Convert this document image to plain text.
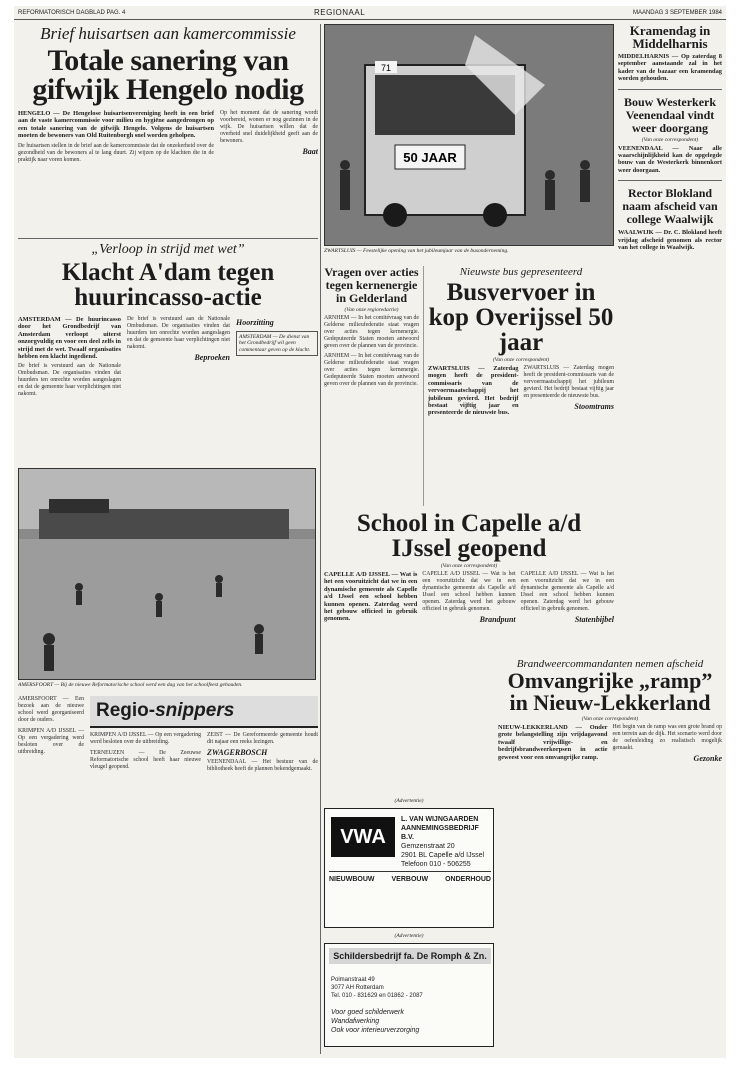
REFORMATORISCH DAGBLAD PAG. 4	REGIONAAL	MAANDAG 3 SEPTEMBER 1984
Brief huisartsen aan kamercommissie
Totale sanering van gifwijk Hengelo nodig
HENGELO — De Hengelose huisartsenvereniging heeft in een brief aan de vaste kamercommissie voor milieu en hygiëne aangedrongen op een totale sanering van de gifwijk Hengelo. Volgens de huisartsen moeten de bewoners van Old Ruitenborgh snel worden geholpen.
De huisartsen stellen in de brief aan de kamercommissie dat de onzekerheid over de gezondheid van de bewoners al te lang duurt. Zij wijzen op de klachten die in de praktijk naar voren komen.
Op het moment dat de sanering wordt voorbereid, wonen er nog gezinnen in de wijk. De huisartsen willen dat de overheid snel duidelijkheid geeft aan de bewoners.
Baat
„Verloop in strijd met wet”
Klacht A'dam tegen huurincasso-actie
AMSTERDAM — De huurincasso door het Grondbedrijf van Amsterdam verloopt uiterst onzorgvuldig en voor een deel zelfs in strijd met de wet. Twaalf organisaties hebben een klacht ingediend.
De brief is verstuurd aan de Nationale Ombudsman. De organisaties vinden dat huurders ten onrechte worden aangeslagen en dat de gemeente haar verplichtingen niet nakomt.
De brief is verstuurd aan de Nationale Ombudsman. De organisaties vinden dat huurders ten onrechte worden aangeslagen en dat de gemeente haar verplichtingen niet nakomt.
Beproeken
Hoorzitting
AMSTERDAM — De dienst van het Grondbedrijf wil geen commentaar geven op de klacht.
AMERSFOORT — Bij de nieuwe Reformatorische school werd een dag van het schoolfeest gehouden.
AMERSFOORT — Een bezoek aan de nieuwe school werd georganiseerd door de ouders.
KRIMPEN A/D IJSSEL — Op een vergadering werd besloten over de uitbreiding.
Regio-snippers
KRIMPEN A/D IJSSEL — Op een vergadering werd besloten over de uitbreiding.
TERNEUZEN — De Zeeuwse Reformatorische school heeft haar nieuwe vleugel geopend.
ZEIST — De Gereformeerde gemeente houdt dit najaar een reeks lezingen.
ZWAGERBOSCH
VEENENDAAL — Het bestuur van de bibliotheek heeft de plannen bekendgemaakt.
50 JAAR
71
ZWARTSLUIS — Feestelijke opening van het jubileumjaar van de busonderneming.
Vragen over acties tegen kernenergie in Gelderland
(Van onze regioredactie)
ARNHEM — In het comitévraag van de Gelderse milieufederatie staat vragen over acties tegen kernenergie. Gedeputeerde Staten moeten antwoord geven over de plannen van de provincie.
ARNHEM — In het comitévraag van de Gelderse milieufederatie staat vragen over acties tegen kernenergie. Gedeputeerde Staten moeten antwoord geven over de plannen van de provincie.
Nieuwste bus gepresenteerd
Busvervoer in kop Overijssel 50 jaar
(Van onze correspondent)
ZWARTSLUIS — Zaterdag mogen heeft de president-commissaris van de vervoermaatschappij het jubileum gevierd. Het bedrijf bestaat vijftig jaar en presenteerde de nieuwste bus.
ZWARTSLUIS — Zaterdag mogen heeft de president-commissaris van de vervoermaatschappij het jubileum gevierd. Het bedrijf bestaat vijftig jaar en presenteerde de nieuwste bus.
Stoomtrams
School in Capelle a/d IJssel geopend
(Van onze correspondent)
CAPELLE A/D IJSSEL — Wat is het een vooruitzicht dat we in een dynamische gemeente als Capelle a/d IJssel een school hebben kunnen openen. Zaterdag werd het gebouw officieel in gebruik genomen.
CAPELLE A/D IJSSEL — Wat is het een vooruitzicht dat we in een dynamische gemeente als Capelle a/d IJssel een school hebben kunnen openen. Zaterdag werd het gebouw officieel in gebruik genomen.
Brandpunt
CAPELLE A/D IJSSEL — Wat is het een vooruitzicht dat we in een dynamische gemeente als Capelle a/d IJssel een school hebben kunnen openen. Zaterdag werd het gebouw officieel in gebruik genomen.
Statenbijbel
Kramendag in Middelharnis
MIDDELHARNIS — Op zaterdag 8 september aanstaande zal in het kader van de bazaar een kramendag worden gehouden.
Bouw Westerkerk Veenendaal vindt weer doorgang
(Van onze correspondent)
VEENENDAAL — Naar alle waarschijnlijkheid kan de opgelegde bouw van de Westerkerk binnenkort weer doorgaan.
Rector Blokland naam afscheid van college Waalwijk
WAALWIJK — Dr. C. Blokland heeft vrijdag afscheid genomen als rector van het college in Waalwijk.
Brandweercommandanten nemen afscheid
Omvangrijke „ramp” in Nieuw-Lekkerland
(Van onze correspondent)
NIEUW-LEKKERLAND — Onder grote belangstelling zijn vrijdagavond twaalf vrijwillige- en bedrijfsbrandweerkorpsen in actie geweest voor een omvangrijke ramp.
Het begin van de ramp was een grote brand op een terrein aan de dijk. Het scenario werd door de oefenleiding zo realistisch mogelijk gemaakt.
Gezonke
(Advertentie)
VWA
L. VAN WIJNGAARDEN
AANNEMINGSBEDRIJF B.V.
Gemzenstraat 20
2901 BL Capelle a/d IJssel
Telefoon 010 - 506255
NIEUWBOUW VERBOUW ONDERHOUD
(Advertentie)
Schildersbedrijf fa. De Romph & Zn.
Polmanstraat 49
3077 AH Rotterdam
Tel. 010 - 831629 en 01862 - 2087
Voor goed schilderwerk
Wandafwerking
Ook voor interieurverzorging
